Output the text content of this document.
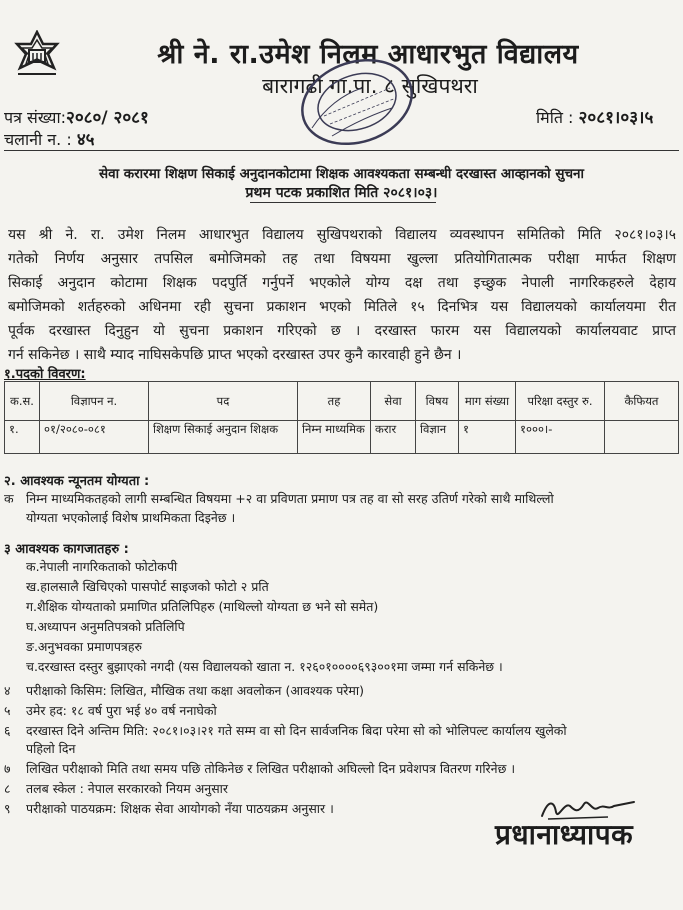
श्री ने. रा.उमेश निलम आधारभुत विद्यालय
बारागढी गा.पा. ८ सुखिपथरा
पत्र संख्या:२०८०/ २०८१
चलानी न. : ४५
मिति : २०८१।०३।५
सेवा करारमा शिक्षण सिकाई अनुदानकोटामा शिक्षक आवश्यकता सम्बन्धी दरखास्त आव्हानको सुचना
प्रथम पटक प्रकाशित मिति २०८१।०३।
यस श्री ने. रा. उमेश निलम आधारभुत विद्यालय सुखिपथराको विद्यालय व्यवस्थापन समितिको मिति २०८१।०३।५
गतेको निर्णय अनुसार तपसिल बमोजिमको तह तथा विषयमा खुल्ला प्रतियोगितात्मक परीक्षा मार्फत शिक्षण
सिकाई अनुदान कोटामा शिक्षक पदपुर्ति गर्नुपर्ने भएकोले योग्य दक्ष तथा इच्छुक नेपाली नागरिकहरुले देहाय
बमोजिमको शर्तहरुको अधिनमा रही सुचना प्रकाशन भएको मितिले १५ दिनभित्र यस विद्यालयको कार्यालयमा रीत
पूर्वक दरखास्त दिनुहुन यो सुचना प्रकाशन गरिएको छ । दरखास्त फारम यस विद्यालयको कार्यालयवाट प्राप्त
गर्न सकिनेछ । साथै म्याद नाघिसकेपछि प्राप्त भएको दरखास्त उपर कुनै कारवाही हुने छैन ।
१.पदको विवरण:
क.स.	विज्ञापन न.	पद	तह	सेवा	विषय	माग संख्या	परिक्षा दस्तुर रु.	कैफियत
१.	०१/२०८०-०८१	शिक्षण सिकाई अनुदान शिक्षक	निम्न माध्यमिक	करार	विज्ञान	१	१०००।-	
२. आवश्यक न्यूनतम योग्यता :
क निम्न माध्यमिकतहको लागी सम्बन्धित विषयमा +२ वा प्रविणता प्रमाण पत्र तह वा सो सरह उतिर्ण गरेको साथै माथिल्लो
योग्यता भएकोलाई विशेष प्राथमिकता दिइनेछ ।
३ आवश्यक कागजातहरु :
क.नेपाली नागरिकताको फोटोकपी
ख.हालसालै खिचिएको पासपोर्ट साइजको फोटो २ प्रति
ग.शैक्षिक योग्यताको प्रमाणित प्रतिलिपिहरु (माथिल्लो योग्यता छ भने सो समेत)
घ.अध्यापन अनुमतिपत्रको प्रतिलिपि
ङ.अनुभवका प्रमाणपत्रहरु
च.दरखास्त दस्तुर बुझाएको नगदी (यस विद्यालयको खाता न. १२६०१००००६९३००१मा जम्मा गर्न सकिनेछ ।
४ परीक्षाको किसिम: लिखित, मौखिक तथा कक्षा अवलोकन (आवश्यक परेमा)
५ उमेर हद: १८ वर्ष पुरा भई ४० वर्ष ननाघेको
६ दरखास्त दिने अन्तिम मिति: २०८१।०३।२१ गते सम्म वा सो दिन सार्वजनिक बिदा परेमा सो को भोलिपल्ट कार्यालय खुलेको
पहिलो दिन
७ लिखित परीक्षाको मिति तथा समय पछि तोकिनेछ र लिखित परीक्षाको अघिल्लो दिन प्रवेशपत्र वितरण गरिनेछ ।
८ तलब स्केल : नेपाल सरकारको नियम अनुसार
९ परीक्षाको पाठयक्रम: शिक्षक सेवा आयोगको नँया पाठयक्रम अनुसार ।
प्रधानाध्यापक
